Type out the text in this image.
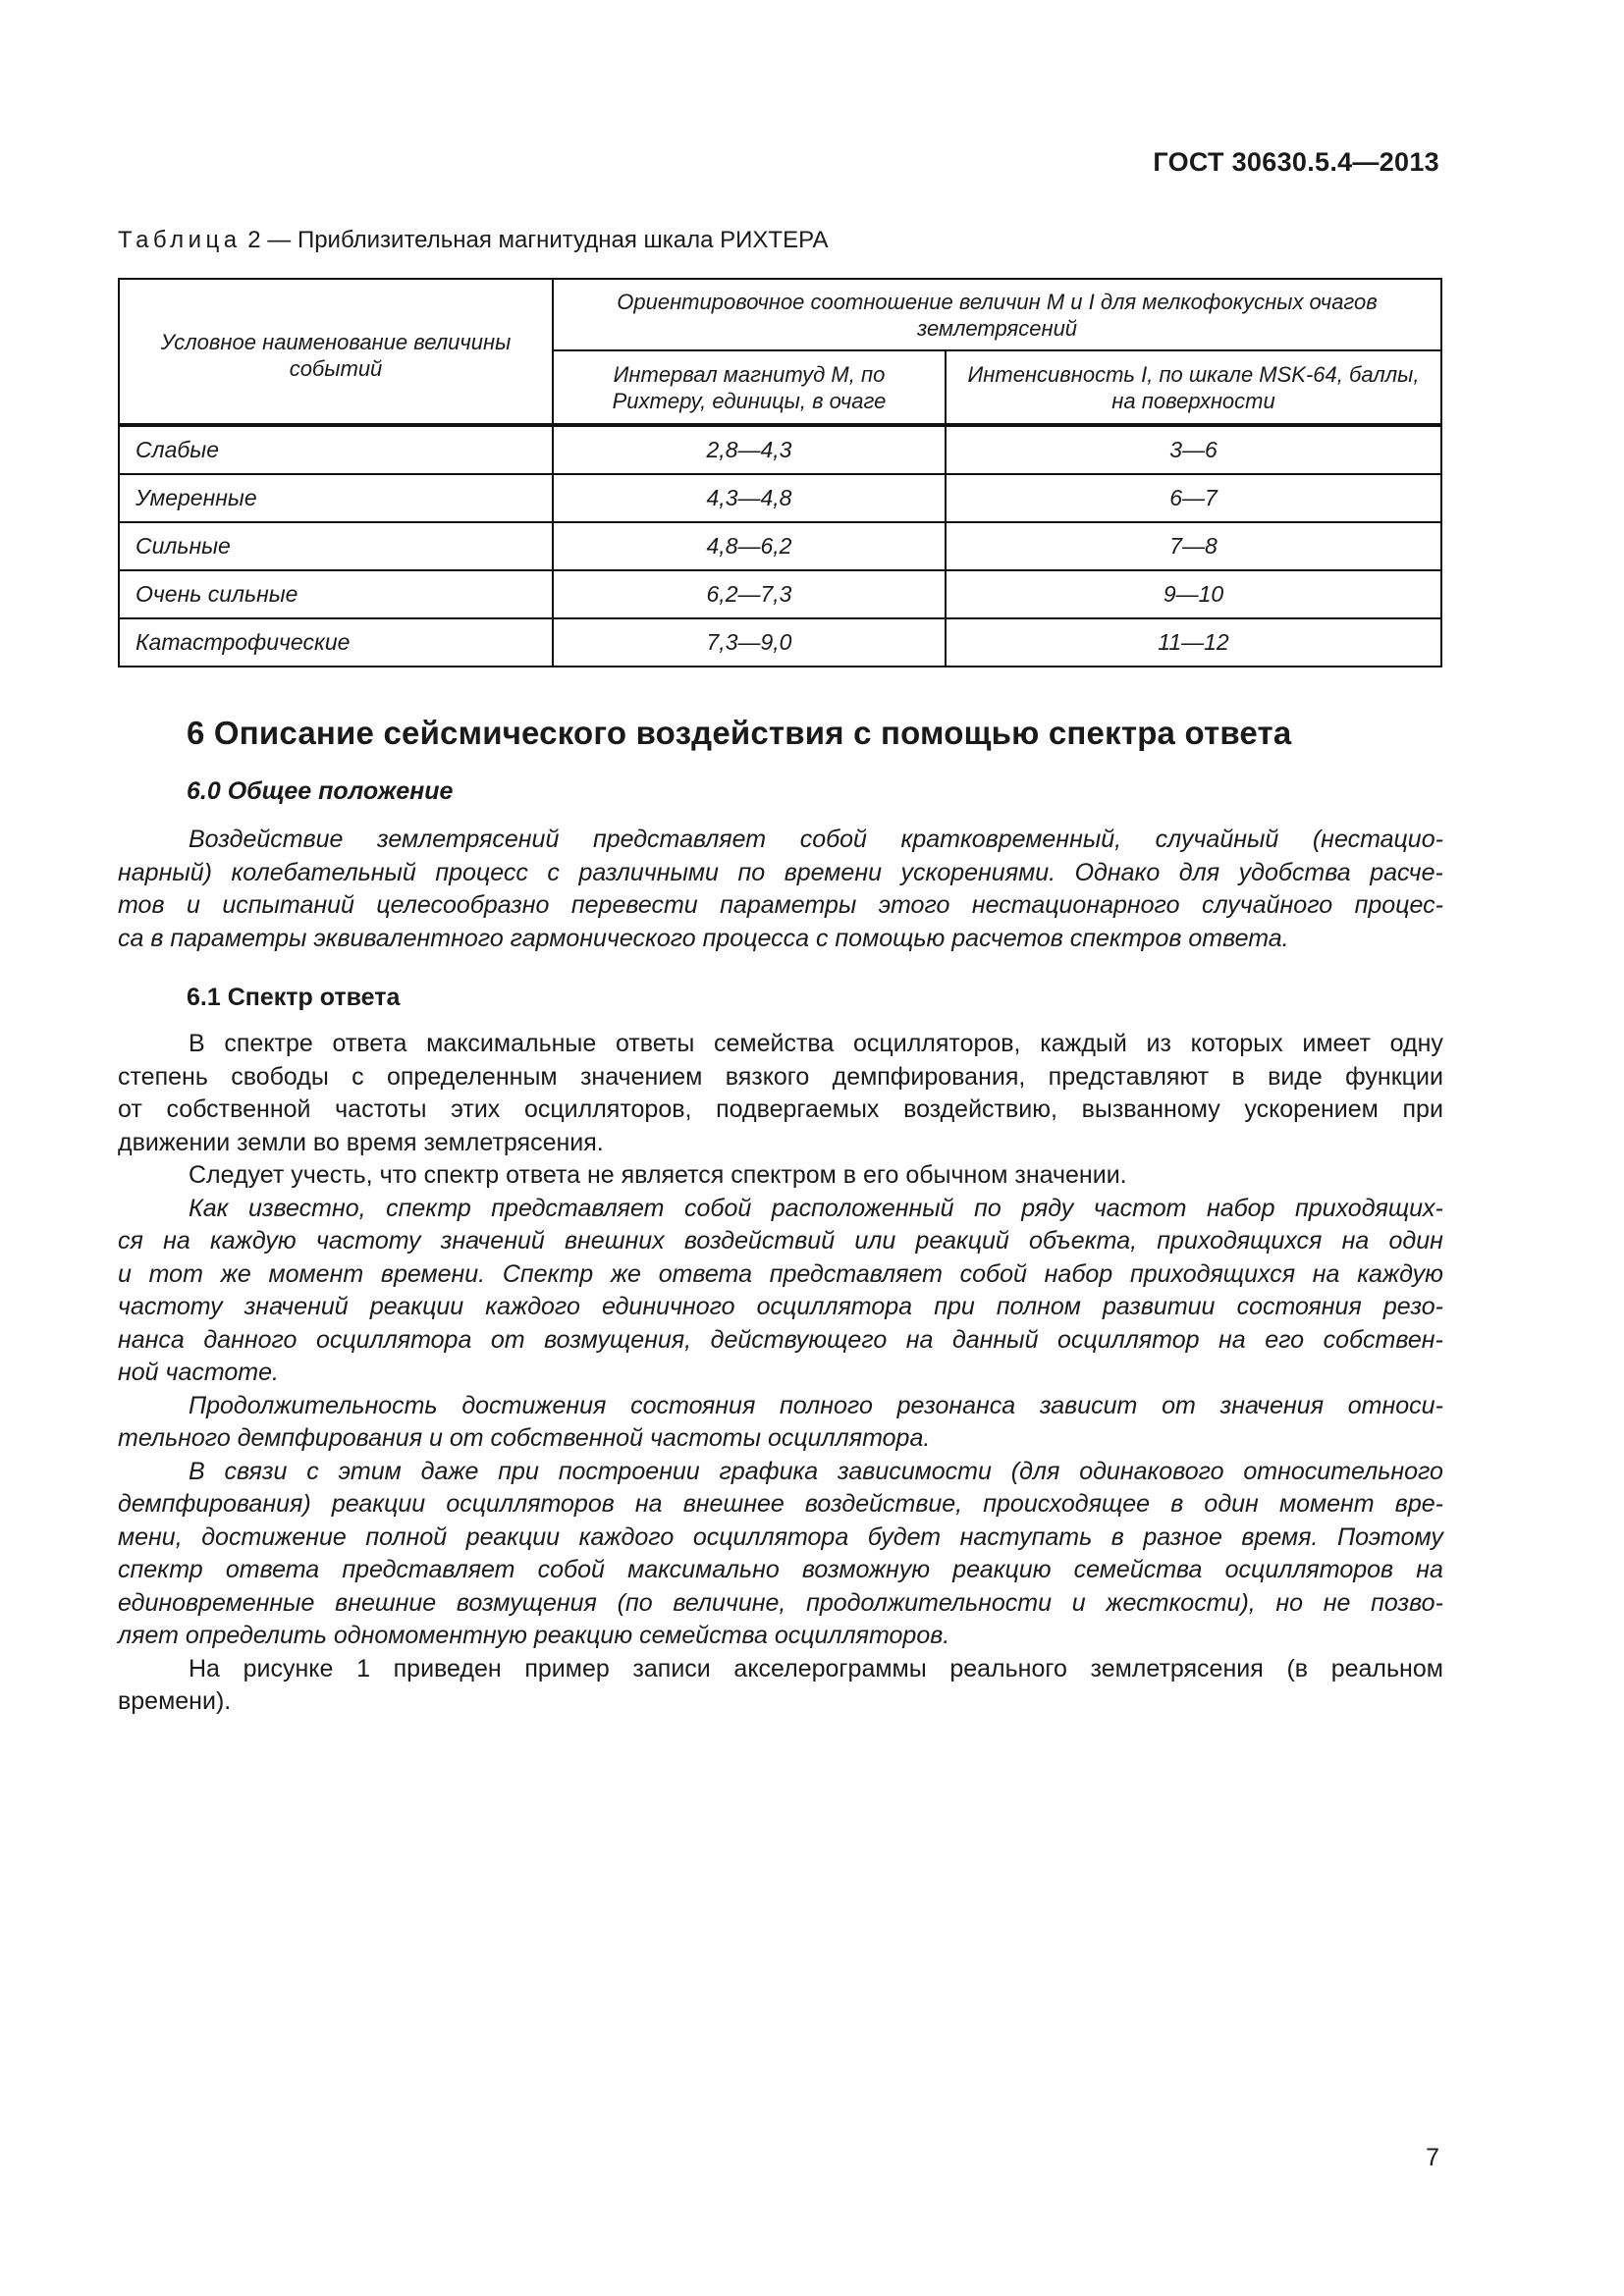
ГОСТ 30630.5.4—2013
Таблица 2 — Приблизительная магнитудная шкала РИХТЕРА
Условное наименование величины событий	Ориентировочное соотношение величин M и I для мелкофокусных очагов землетрясений	
	Интервал магнитуд M, по Рихтеру, единицы, в очаге	Интенсивность I, по шкале MSK-64, баллы, на поверхности
Слабые	2,8—4,3	3—6
Умеренные	4,3—4,8	6—7
Сильные	4,8—6,2	7—8
Очень сильные	6,2—7,3	9—10
Катастрофические	7,3—9,0	11—12
6 Описание сейсмического воздействия с помощью спектра ответа
6.0 Общее положение
Воздействие землетрясений представляет собой кратковременный, случайный (нестацио-
нарный) колебательный процесс с различными по времени ускорениями. Однако для удобства расче-
тов и испытаний целесообразно перевести параметры этого нестационарного случайного процес-
са в параметры эквивалентного гармонического процесса с помощью расчетов спектров ответа.
6.1 Спектр ответа
В спектре ответа максимальные ответы семейства осцилляторов, каждый из которых имеет одну
степень свободы с определенным значением вязкого демпфирования, представляют в виде функции
от собственной частоты этих осцилляторов, подвергаемых воздействию, вызванному ускорением при
движении земли во время землетрясения.
Следует учесть, что спектр ответа не является спектром в его обычном значении.
Как известно, спектр представляет собой расположенный по ряду частот набор приходящих-
ся на каждую частоту значений внешних воздействий или реакций объекта, приходящихся на один
и тот же момент времени. Спектр же ответа представляет собой набор приходящихся на каждую
частоту значений реакции каждого единичного осциллятора при полном развитии состояния резо-
нанса данного осциллятора от возмущения, действующего на данный осциллятор на его собствен-
ной частоте.
Продолжительность достижения состояния полного резонанса зависит от значения относи-
тельного демпфирования и от собственной частоты осциллятора.
В связи с этим даже при построении графика зависимости (для одинакового относительного
демпфирования) реакции осцилляторов на внешнее воздействие, происходящее в один момент вре-
мени, достижение полной реакции каждого осциллятора будет наступать в разное время. Поэтому
спектр ответа представляет собой максимально возможную реакцию семейства осцилляторов на
единовременные внешние возмущения (по величине, продолжительности и жесткости), но не позво-
ляет определить одномоментную реакцию семейства осцилляторов.
На рисунке 1 приведен пример записи акселерограммы реального землетрясения (в реальном
времени).
7
